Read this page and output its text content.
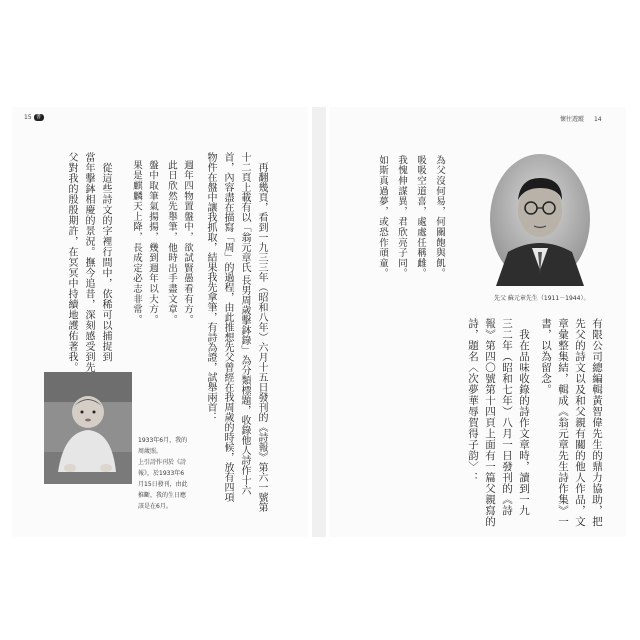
15 書	懷往遊蹤 14
為父沒何易，何關飽與飢。
吸吸空道喜，處處任稱雌。
我愧伸謀異，君欣亮子同。
如斯真過夢，或恐作頑童。
先父 蘇元章先生（1911－1944）。
有限公司總編輯黃智偉先生的鼎力協助，把
先父的詩文以及和父親有關的他人作品，文
章彙整集結，輯成《翁元章先生詩作集》一
書，以為留念。
　我在品味收錄的詩作文章時，讀到一九
三二年（昭和七年）八月一日發刊的《詩
報》第四〇號第十四頁上面有一篇父親寫的
詩，題名〈次夢華辱賀得子韵〉：
　再翻幾頁，看到一九三三年（昭和八年）六月十五日發刊的《詩報》第六一號第
十二頁上載有以「翁元章氏 長男周歲擊鉢錄」為分類標題，收錄他人詩作十六
首，內容盡在描寫「周」的過程，由此推想先父曾經在我周歲的時候，放有四項
物件在盤中讓我抓取，結果我先拿筆，有詩為證，試舉兩首：
週年四物置盤中，欲試賢愚看有方。
此日欣然先舉筆，他時出手盡文章。
盤中取筆氣揚揚，幾到週年以大方。
果是麒麟天上降，長成定必志非常。
　從這些詩文的字裡行間中，依稀可以捕捉到
當年擊鉢相慶的景況。撫今追昔，深刻感受到先
父對我的殷殷期許，在冥冥中持續地護佑著我。
1933年6月，我的
周歲照。
上引詩作刊於《詩
報》，於1933年6
月15日發刊，由此
推斷，我的生日應
該是在6月。
